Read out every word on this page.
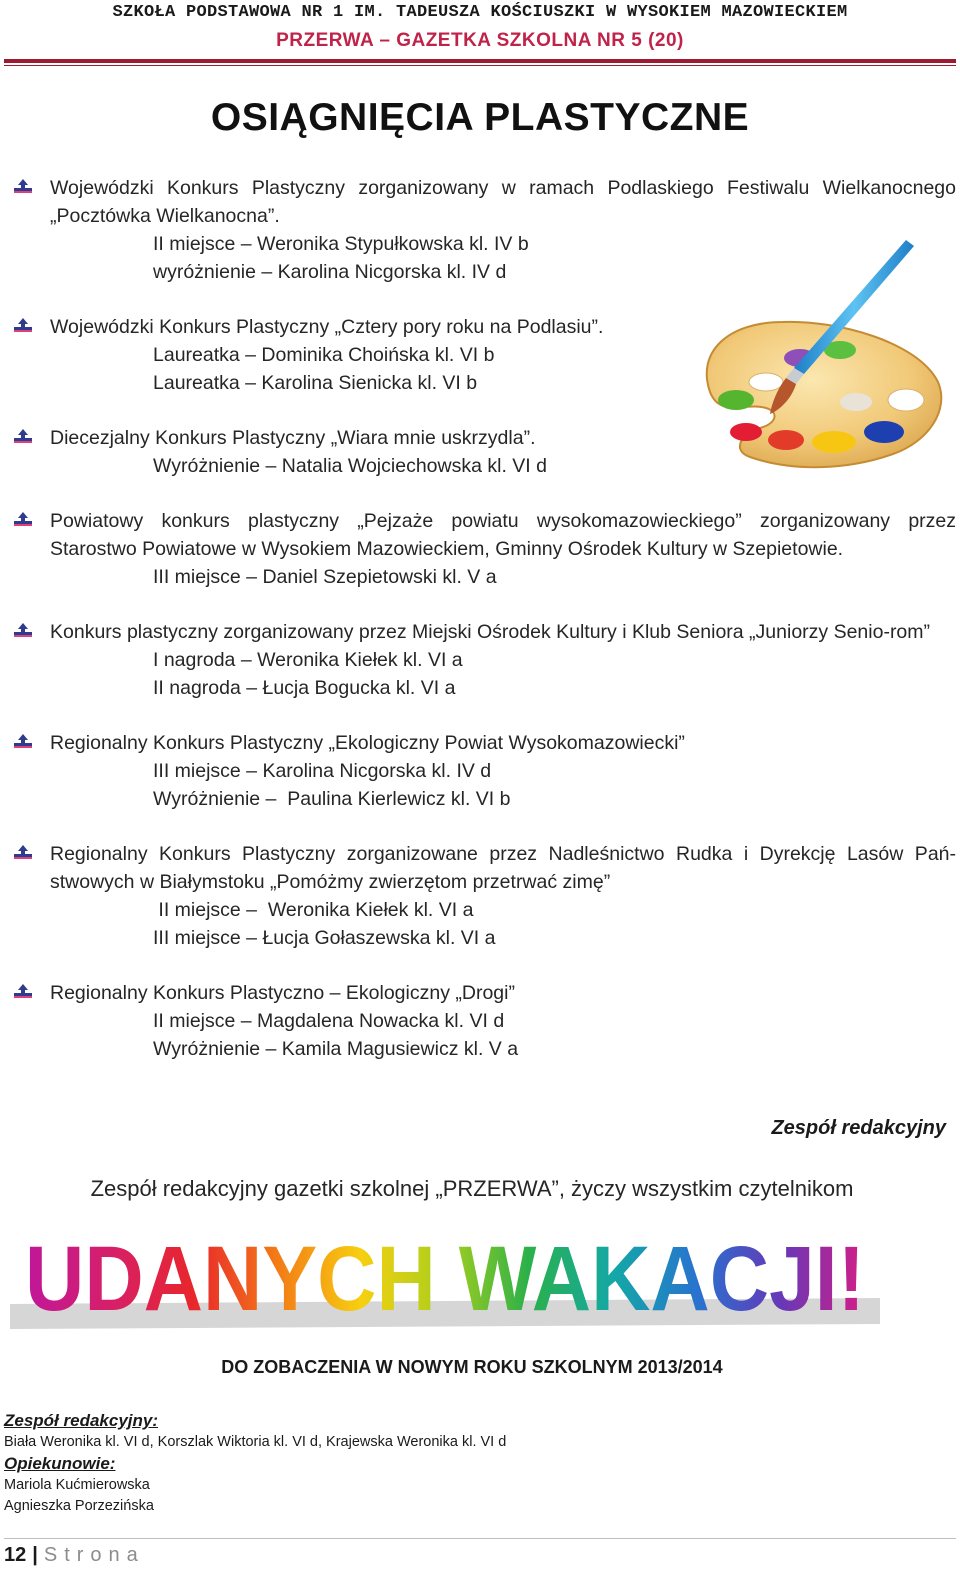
SZKOŁA PODSTAWOWA NR 1 IM. TADEUSZA KOŚCIUSZKI W WYSOKIEM MAZOWIECKIEM
PRZERWA – GAZETKA SZKOLNA NR 5 (20)
OSIĄGNIĘCIA PLASTYCZNE
Wojewódzki Konkurs Plastyczny zorganizowany w ramach Podlaskiego Festiwalu Wielkanocnego „Pocztówka Wielkanocna”.
II miejsce – Weronika Stypułkowska kl. IV b
wyróżnienie – Karolina Nicgorska kl. IV d
Wojewódzki Konkurs Plastyczny „Cztery pory roku na Podlasiu”.
Laureatka – Dominika Choińska kl. VI b
Laureatka – Karolina Sienicka kl. VI b
Diecezjalny Konkurs Plastyczny „Wiara mnie uskrzydla”.
Wyróżnienie – Natalia Wojciechowska kl. VI d
Powiatowy konkurs plastyczny „Pejzaże powiatu wysokomazowieckiego” zorganizowany przez Starostwo Powiatowe w Wysokiem Mazowieckiem, Gminny Ośrodek Kultury w Szepietowie.
III miejsce – Daniel Szepietowski kl. V a
Konkurs plastyczny zorganizowany przez Miejski Ośrodek Kultury i Klub Seniora „Juniorzy Senio-rom”
I nagroda – Weronika Kiełek kl. VI a
II nagroda – Łucja Bogucka kl. VI a
Regionalny Konkurs Plastyczny „Ekologiczny Powiat Wysokomazowiecki”
III miejsce – Karolina Nicgorska kl. IV d
Wyróżnienie –  Paulina Kierlewicz kl. VI b
Regionalny Konkurs Plastyczny zorganizowane przez Nadleśnictwo Rudka i Dyrekcję Lasów Pań-stwowych w Białymstoku „Pomóżmy zwierzętom przetrwać zimę”
II miejsce –  Weronika Kiełek kl. VI a
III miejsce – Łucja Gołaszewska kl. VI a
Regionalny Konkurs Plastyczno – Ekologiczny „Drogi”
II miejsce – Magdalena Nowacka kl. VI d
Wyróżnienie – Kamila Magusiewicz kl. V a
Zespół redakcyjny
Zespół redakcyjny gazetki szkolnej „PRZERWA”, życzy wszystkim czytelnikom
UDANYCH WAKACJI!
DO ZOBACZENIA W NOWYM ROKU SZKOLNYM 2013/2014
Zespół redakcyjny:
Biała Weronika kl. VI d, Korszlak Wiktoria kl. VI d, Krajewska Weronika kl. VI d
Opiekunowie:
Mariola Kućmierowska
Agnieszka Porzezińska
12 | Strona
